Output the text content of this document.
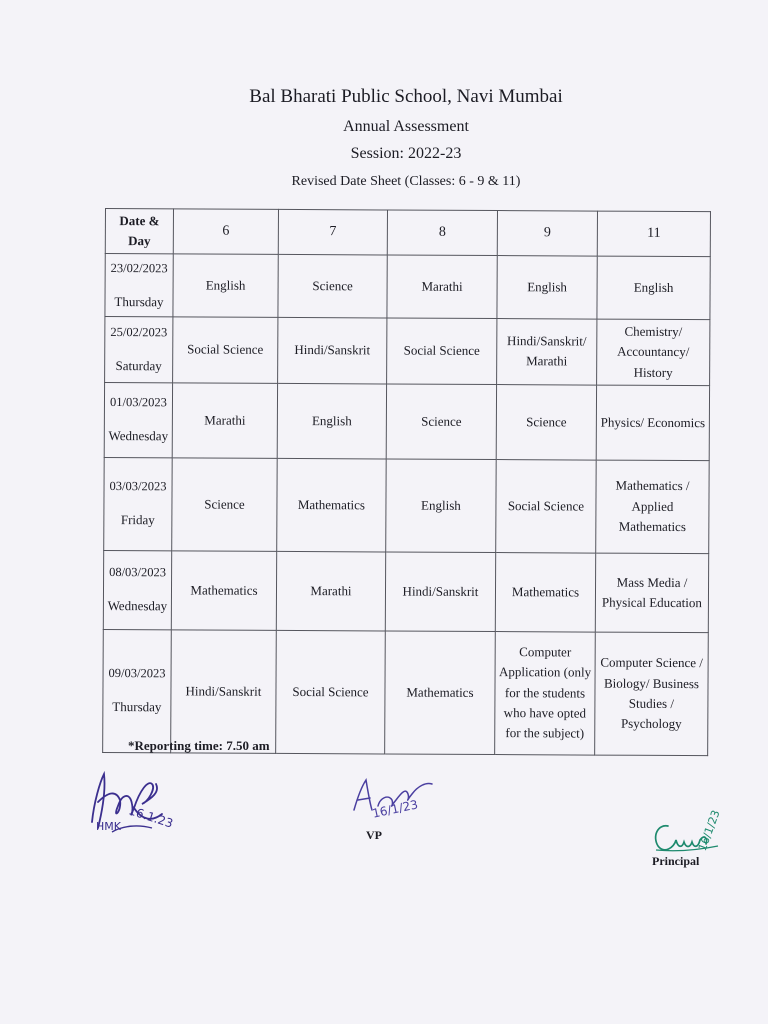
Bal Bharati Public School, Navi Mumbai
Annual Assessment
Session: 2022-23
Revised Date Sheet (Classes: 6 - 9 & 11)
Date & Day	6	7	8	9	11

23/02/2023
Thursday	English	Science	Marathi	English	English

25/02/2023
Saturday	Social Science	Hindi/Sanskrit	Social Science	Hindi/Sanskrit/ Marathi	Chemistry/ Accountancy/ History

01/03/2023
Wednesday	Marathi	English	Science	Science	Physics/ Economics

03/03/2023
Friday	Science	Mathematics	English	Social Science	Mathematics / Applied Mathematics

08/03/2023
Wednesday	Mathematics	Marathi	Hindi/Sanskrit	Mathematics	Mass Media / Physical Education

09/03/2023
Thursday	Hindi/Sanskrit	Social Science	Mathematics	Computer Application (only for the students who have opted for the subject)	Computer Science / Biology/ Business Studies / Psychology
*Reporting time: 7.50 am
HMK 16.1.23	16/1/23
VP	16/1/23
Principal
